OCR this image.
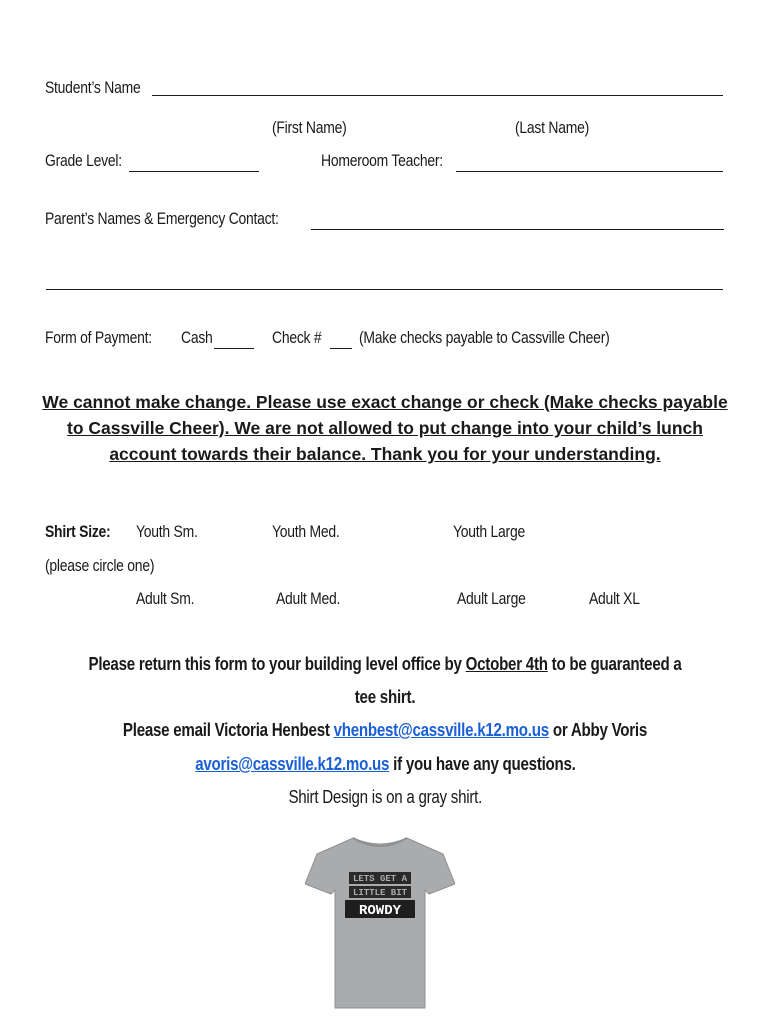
Student’s Name
(First Name)	(Last Name)
Grade Level:	Homeroom Teacher:
Parent’s Names & Emergency Contact:
Form of Payment:	Cash	Check #	(Make checks payable to Cassville Cheer)
We cannot make change. Please use exact change or check (Make checks payable to Cassville Cheer). We are not allowed to put change into your child’s lunch account towards their balance. Thank you for your understanding.
Shirt Size:	Youth Sm.	Youth Med.	Youth Large
(please circle one)
Adult Sm.	Adult Med.	Adult Large	Adult XL
Please return this form to your building level office by October 4th to be guaranteed a
tee shirt.
Please email Victoria Henbest vhenbest@cassville.k12.mo.us or Abby Voris
avoris@cassville.k12.mo.us if you have any questions.
Shirt Design is on a gray shirt.
LETS GET A
LITTLE BIT
ROWDY
